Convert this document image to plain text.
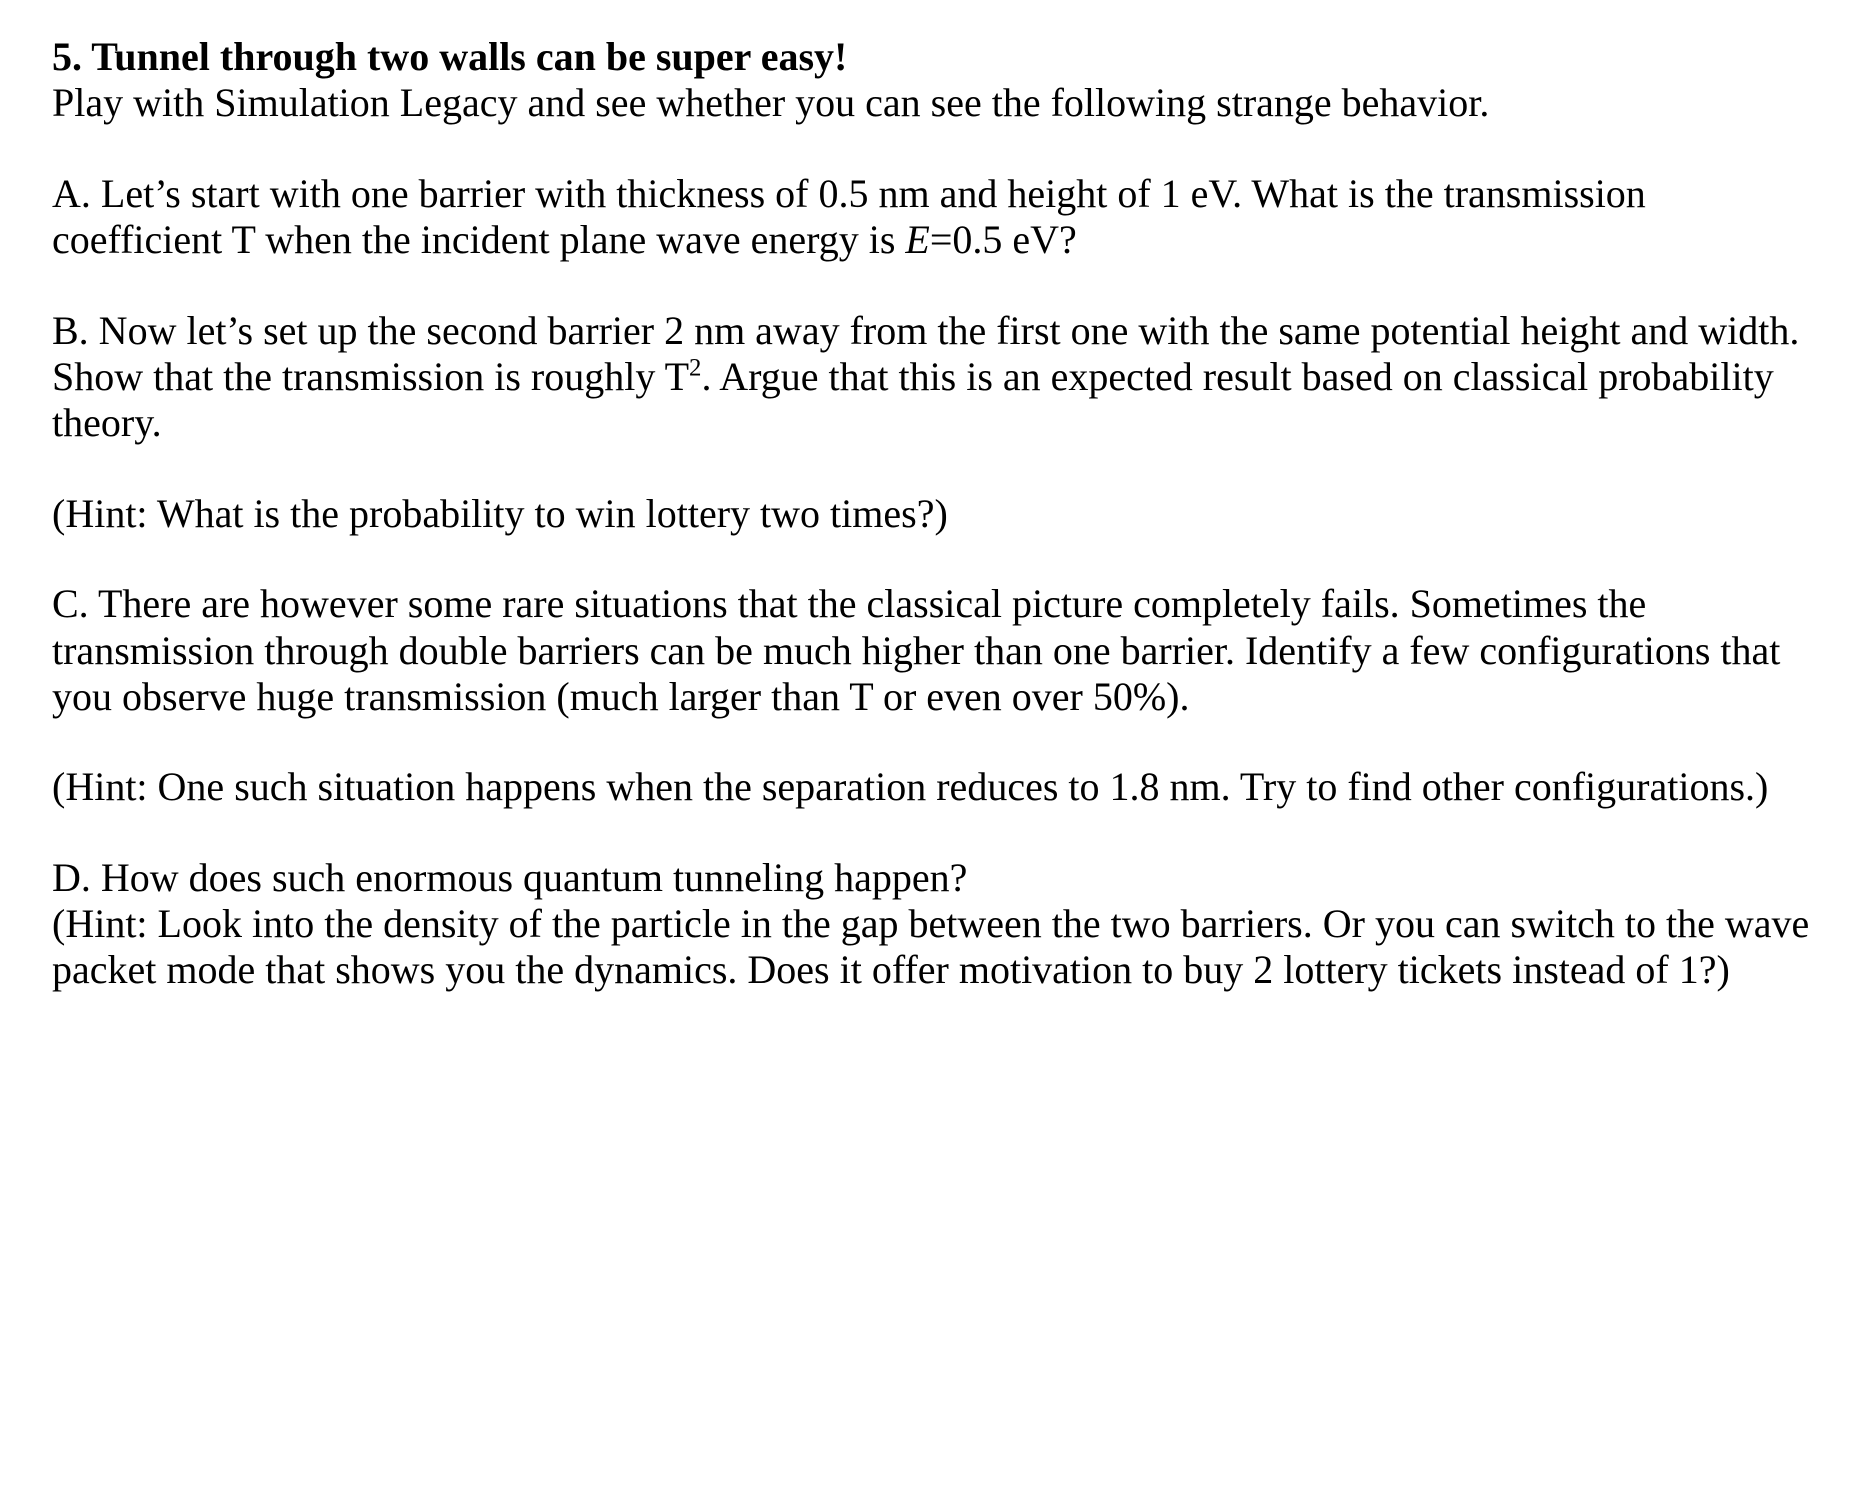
5. Tunnel through two walls can be super easy!

Play with Simulation Legacy and see whether you can see the following strange behavior.

A. Let’s start with one barrier with thickness of 0.5 nm and height of 1 eV. What is the transmission coefficient T when the incident plane wave energy is E=0.5 eV?

B. Now let’s set up the second barrier 2 nm away from the first one with the same potential height and width. Show that the transmission is roughly $T^2$. Argue that this is an expected result based on classical probability theory.

(Hint: What is the probability to win lottery two times?)

C. There are however some rare situations that the classical picture completely fails. Sometimes the transmission through double barriers can be much higher than one barrier. Identify a few configurations that you observe huge transmission (much larger than T or even over 50%).

(Hint: One such situation happens when the separation reduces to 1.8 nm. Try to find other configurations.)

D. How does such enormous quantum tunneling happen?

(Hint: Look into the density of the particle in the gap between the two barriers. Or you can switch to the wave packet mode that shows you the dynamics. Does it offer motivation to buy 2 lottery tickets instead of 1?)
